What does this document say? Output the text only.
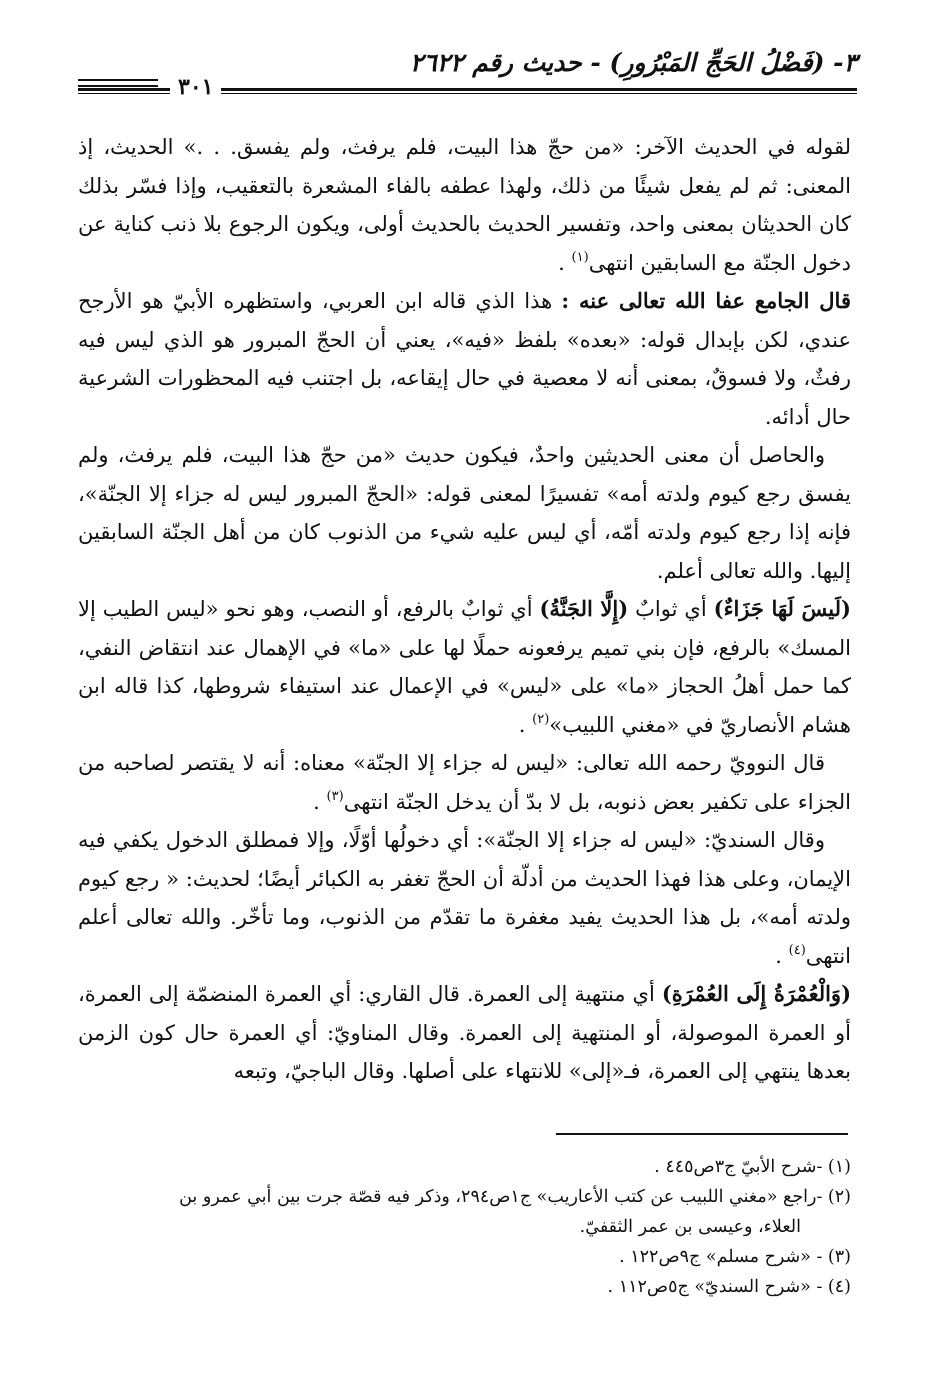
٣- (فَضْلُ الحَجِّ المَبْرُورِ) - حديث رقم ٢٦٢٢
٣٠١

لقوله في الحديث الآخر: «من حجّ هذا البيت، فلم يرفث، ولم يفسق. . .» الحديث، إذ المعنى: ثم لم يفعل شيئًا من ذلك، ولهذا عطفه بالفاء المشعرة بالتعقيب، وإذا فسّر بذلك كان الحديثان بمعنى واحد، وتفسير الحديث بالحديث أولى، ويكون الرجوع بلا ذنب كناية عن دخول الجنّة مع السابقين انتهى$^{(١)}$ .

قال الجامع عفا الله تعالى عنه : هذا الذي قاله ابن العربي، واستظهره الأبيّ هو الأرجح عندي، لكن بإبدال قوله: «بعده» بلفظ «فيه»، يعني أن الحجّ المبرور هو الذي ليس فيه رفثٌ، ولا فسوقٌ، بمعنى أنه لا معصية في حال إيقاعه، بل اجتنب فيه المحظورات الشرعية حال أدائه.

والحاصل أن معنى الحديثين واحدٌ، فيكون حديث «من حجّ هذا البيت، فلم يرفث، ولم يفسق رجع كيوم ولدته أمه» تفسيرًا لمعنى قوله: «الحجّ المبرور ليس له جزاء إلا الجنّة»، فإنه إذا رجع كيوم ولدته أمّه، أي ليس عليه شيء من الذنوب كان من أهل الجنّة السابقين إليها. والله تعالى أعلم.

(لَيسَ لَهَا جَزَاءٌ) أي ثوابٌ (إِلَّا الجَنَّةُ) أي ثوابٌ بالرفع، أو النصب، وهو نحو «ليس الطيب إلا المسك» بالرفع، فإن بني تميم يرفعونه حملًا لها على «ما» في الإهمال عند انتقاض النفي، كما حمل أهلُ الحجاز «ما» على «ليس» في الإعمال عند استيفاء شروطها، كذا قاله ابن هشام الأنصاريّ في «مغني اللبيب»$^{(٢)}$ .

قال النوويّ رحمه الله تعالى: «ليس له جزاء إلا الجنّة» معناه: أنه لا يقتصر لصاحبه من الجزاء على تكفير بعض ذنوبه، بل لا بدّ أن يدخل الجنّة انتهى$^{(٣)}$ .

وقال السنديّ: «ليس له جزاء إلا الجنّة»: أي دخولُها أوّلًا، وإلا فمطلق الدخول يكفي فيه الإيمان، وعلى هذا فهذا الحديث من أدلّة أن الحجّ تغفر به الكبائر أيضًا؛ لحديث: « رجع كيوم ولدته أمه»، بل هذا الحديث يفيد مغفرة ما تقدّم من الذنوب، وما تأخّر. والله تعالى أعلم انتهى$^{(٤)}$ .

(وَالْعُمْرَةُ إِلَى العُمْرَةِ) أي منتهية إلى العمرة. قال القاري: أي العمرة المنضمّة إلى العمرة، أو العمرة الموصولة، أو المنتهية إلى العمرة. وقال المناويّ: أي العمرة حال كون الزمن بعدها ينتهي إلى العمرة، فـ«إلى» للانتهاء على أصلها. وقال الباجيّ، وتبعه

(١) -شرح الأبيّ ج٣ص٤٤٥ .

(٢) -راجع «مغني اللبيب عن كتب الأعاريب» ج١ص٢٩٤، وذكر فيه قصّة جرت بين أبي عمرو بن

العلاء، وعيسى بن عمر الثقفيّ.

(٣) - «شرح مسلم» ج٩ص١٢٢ .

(٤) - «شرح السنديّ» ج٥ص١١٢ .
